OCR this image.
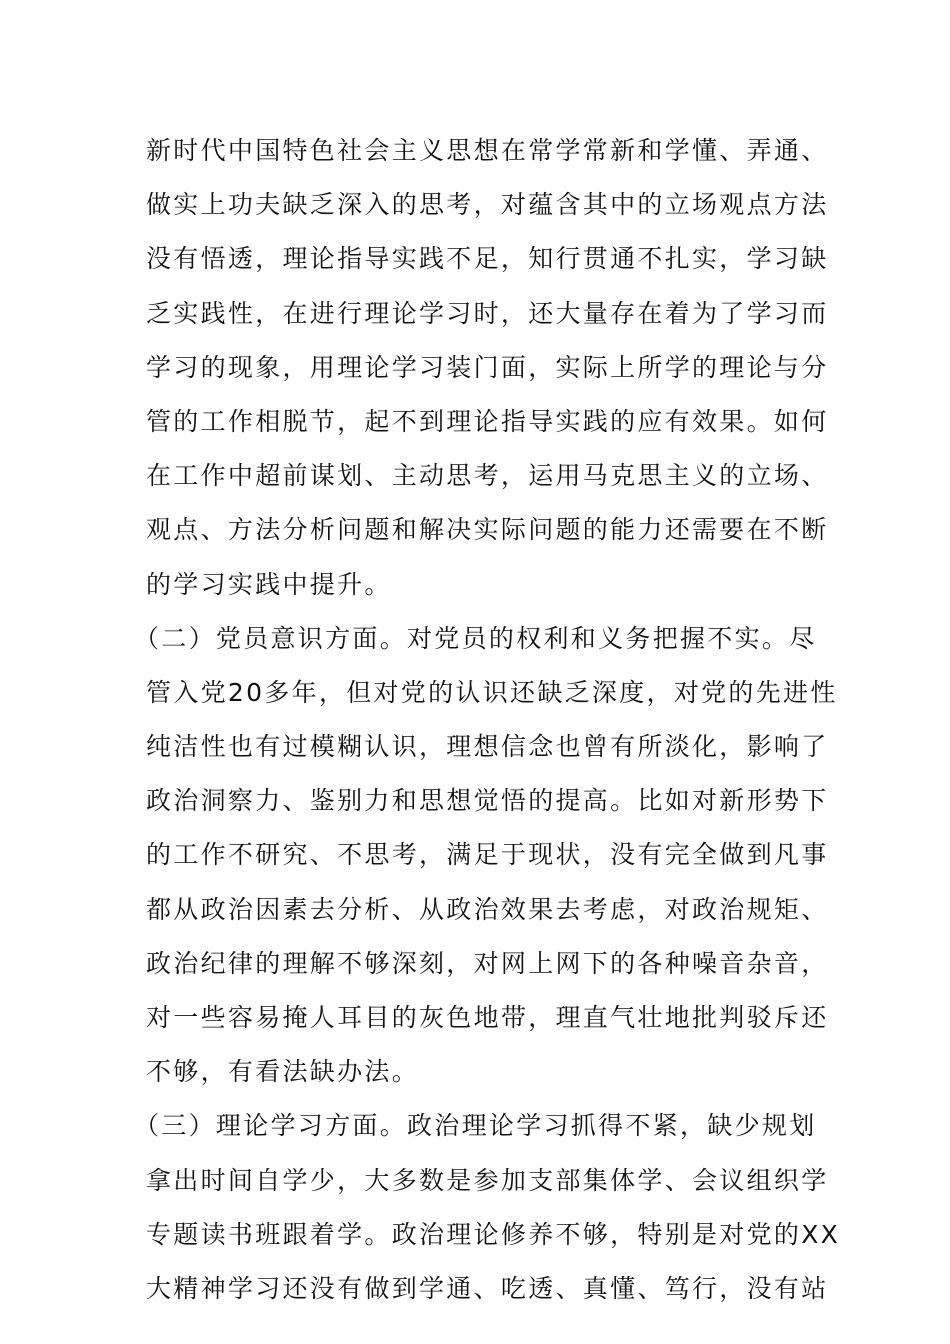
新时代中国特色社会主义思想在常学常新和学懂、弄通、
做实上功夫缺乏深入的思考，对蕴含其中的立场观点方法
没有悟透，理论指导实践不足，知行贯通不扎实，学习缺
乏实践性，在进行理论学习时，还大量存在着为了学习而
学习的现象，用理论学习装门面，实际上所学的理论与分
管的工作相脱节，起不到理论指导实践的应有效果。如何
在工作中超前谋划、主动思考，运用马克思主义的立场、
观点、方法分析问题和解决实际问题的能力还需要在不断
的学习实践中提升。
（二）党员意识方面。对党员的权利和义务把握不实。尽
管入党20多年，但对党的认识还缺乏深度，对党的先进性
纯洁性也有过模糊认识，理想信念也曾有所淡化，影响了
政治洞察力、鉴别力和思想觉悟的提高。比如对新形势下
的工作不研究、不思考，满足于现状，没有完全做到凡事
都从政治因素去分析、从政治效果去考虑，对政治规矩、
政治纪律的理解不够深刻，对网上网下的各种噪音杂音，
对一些容易掩人耳目的灰色地带，理直气壮地批判驳斥还
不够，有看法缺办法。
（三）理论学习方面。政治理论学习抓得不紧，缺少规划
拿出时间自学少，大多数是参加支部集体学、会议组织学
专题读书班跟着学。政治理论修养不够，特别是对党的XX
大精神学习还没有做到学通、吃透、真懂、笃行，没有站
